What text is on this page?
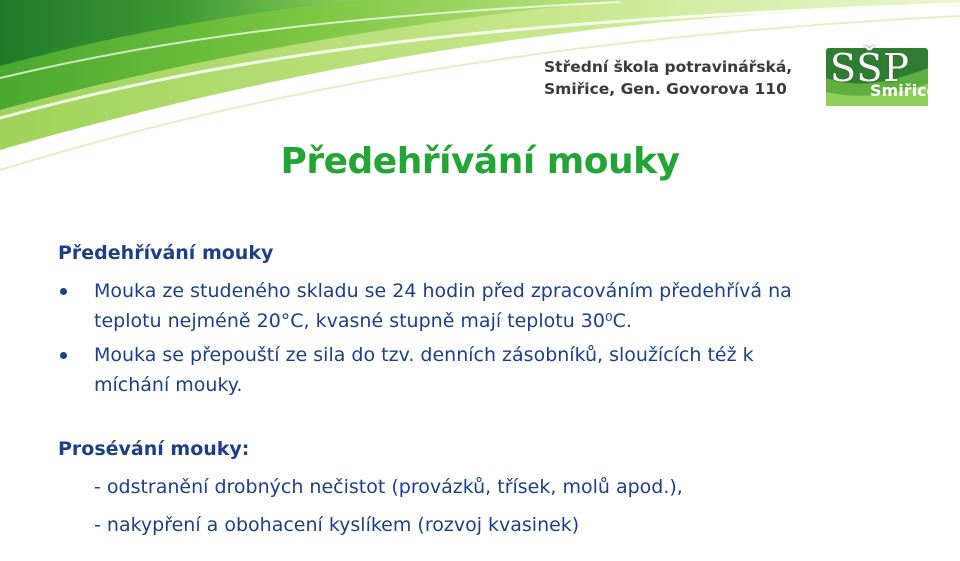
Střední škola potravinářská,
Smiřice, Gen. Govorova 110	SŠP
Smiřice
Předehřívání mouky
Předehřívání mouky
Mouka ze studeného skladu se 24 hodin před zpracováním předehřívá na
teplotu nejméně 20°C, kvasné stupně mají teplotu 30⁰C.
Mouka se přepouští ze sila do tzv. denních zásobníků, sloužících též k
míchání mouky.
Prosévání mouky:
- odstranění drobných nečistot (provázků, třísek, molů apod.),
- nakypření a obohacení kyslíkem (rozvoj kvasinek)
